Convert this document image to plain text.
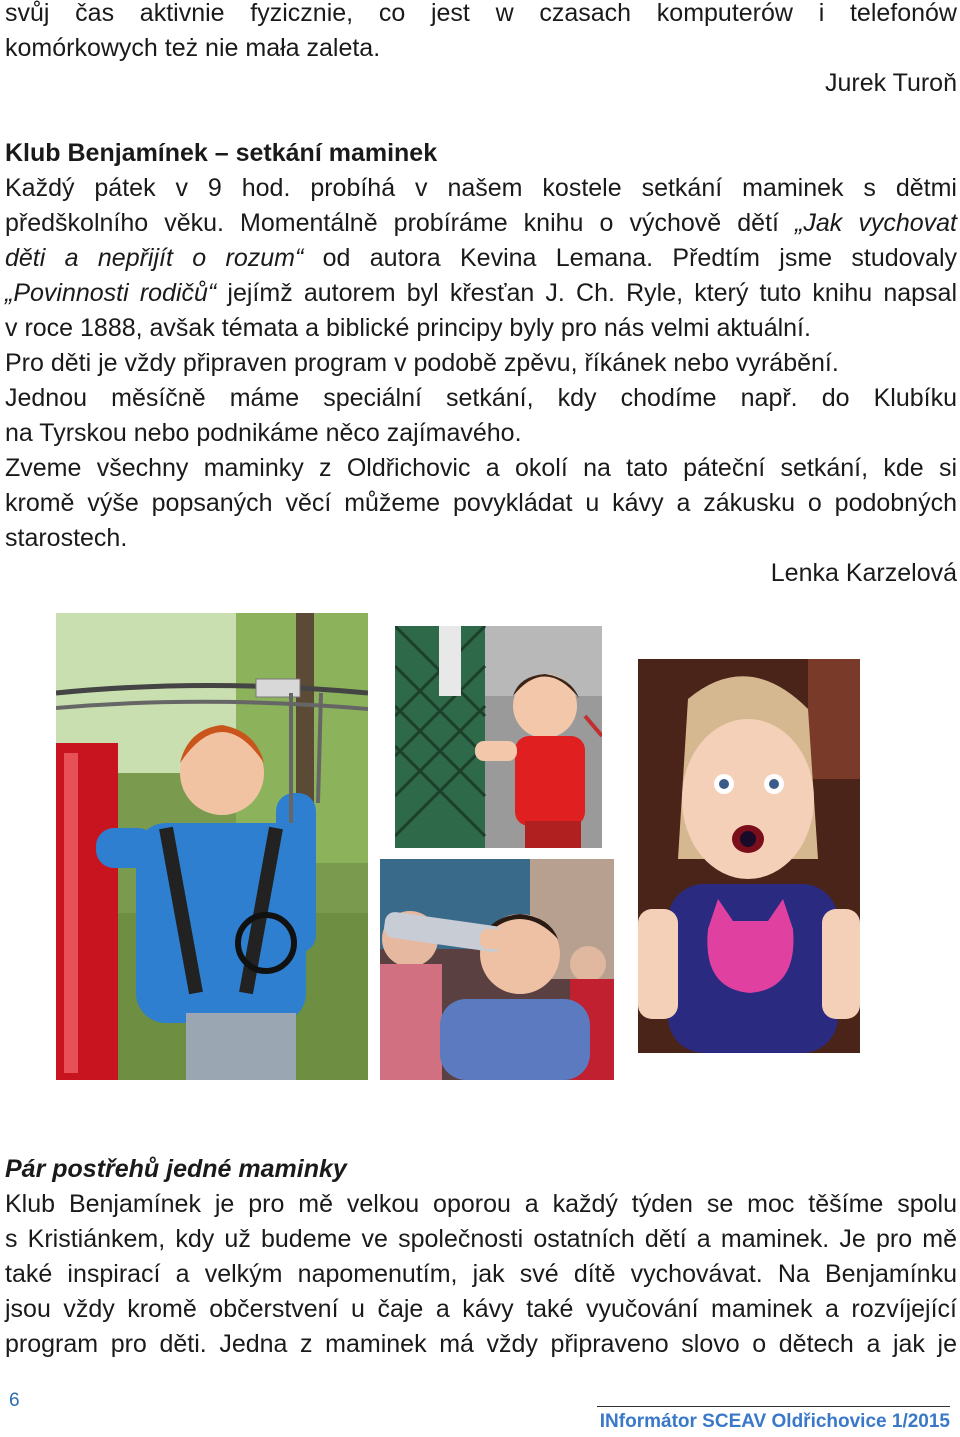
svůj čas aktivnie fyzicznie, co jest w czasach komputerów i telefonów
komórkowych też nie mała zaleta.
Jurek Turoň
Klub Benjamínek – setkání maminek
Každý pátek v 9 hod. probíhá v našem kostele setkání maminek s dětmi
předškolního věku. Momentálně probíráme knihu o výchově dětí „Jak vychovat
děti a nepřijít o rozum“ od autora Kevina Lemana. Předtím jsme studovaly
„Povinnosti rodičů“ jejímž autorem byl křesťan J. Ch. Ryle, který tuto knihu napsal
v roce 1888, avšak témata a biblické principy byly pro nás velmi aktuální.
Pro děti je vždy připraven program v podobě zpěvu, říkánek nebo vyrábění.
Jednou měsíčně máme speciální setkání, kdy chodíme např. do Klubíku
na Tyrskou nebo podnikáme něco zajímavého.
Zveme všechny maminky z Oldřichovic a okolí na tato páteční setkání, kde si
kromě výše popsaných věcí můžeme povykládat u kávy a zákusku o podobných
starostech.
Lenka Karzelová
Pár postřehů jedné maminky
Klub Benjamínek je pro mě velkou oporou a každý týden se moc těšíme spolu
s Kristiánkem, kdy už budeme ve společnosti ostatních dětí a maminek. Je pro mě
také inspirací a velkým napomenutím, jak své dítě vychovávat. Na Benjamínku
jsou vždy kromě občerstvení u čaje a kávy také vyučování maminek a rozvíjející
program pro děti. Jedna z maminek má vždy připraveno slovo o dětech a jak je
6
INformátor SCEAV Oldřichovice 1/2015
